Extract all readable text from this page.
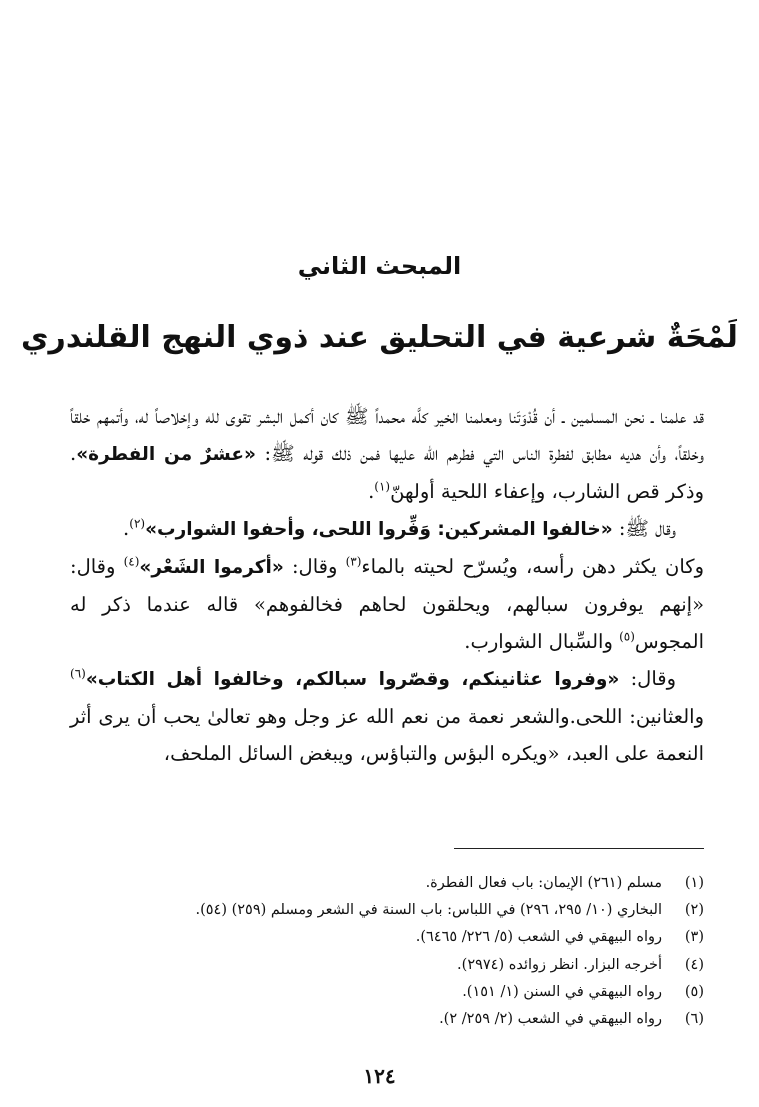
المبحث الثاني
لَمْحَةٌ شرعية في التحليق عند ذوي النهج القلندري

قد علمنا ـ نحن المسلمين ـ أن قُدْوَتَنا ومعلمنا الخير كلَّه محمداً ﷺ كان أكمل البشر تقوى لله وإخلاصاً له، وأتمهم خلقاً وخلقاً، وأن هديه مطابق لفطرة الناس التي فطرهم الله عليها فمن ذلك قوله ﷺ: «عشرٌ من الفطرة». وذكر قص الشارب، وإعفاء اللحية أولهنّ$^{(١)}$.

وقال ﷺ: «خالفوا المشركين: وَفِّروا اللحى، وأحفوا الشوارب»$^{(٢)}$.

وكان يكثر دهن رأسه، ويُسرّح لحيته بالماء$^{(٣)}$ وقال: «أكرموا الشَعْر»$^{(٤)}$ وقال: «إنهم يوفرون سبالهم، ويحلقون لحاهم فخالفوهم» قاله عندما ذكر له المجوس$^{(٥)}$ والسِّبال الشوارب.

وقال: «وفروا عثانينكم، وقصّروا سبالكم، وخالفوا أهل الكتاب»$^{(٦)}$ والعثانين: اللحى.والشعر نعمة من نعم الله عز وجل وهو تعالىٰ يحب أن يرى أثر النعمة على العبد، «ويكره البؤس والتباؤس، ويبغض السائل الملحف،

(١)
مسلم (٢٦١) الإيمان: باب فعال الفطرة.
(٢)
البخاري (١٠/ ٢٩٥، ٢٩٦) في اللباس: باب السنة في الشعر ومسلم (٢٥٩) (٥٤).
(٣)
رواه البيهقي في الشعب (٥/ ٢٢٦/ ٦٤٦٥).
(٤)
أخرجه البزار. انظر زوائده (٢٩٧٤).
(٥)
رواه البيهقي في السنن (١/ ١٥١).
(٦)
رواه البيهقي في الشعب (٢/ ٢٥٩/ ٢).
١٢٤
